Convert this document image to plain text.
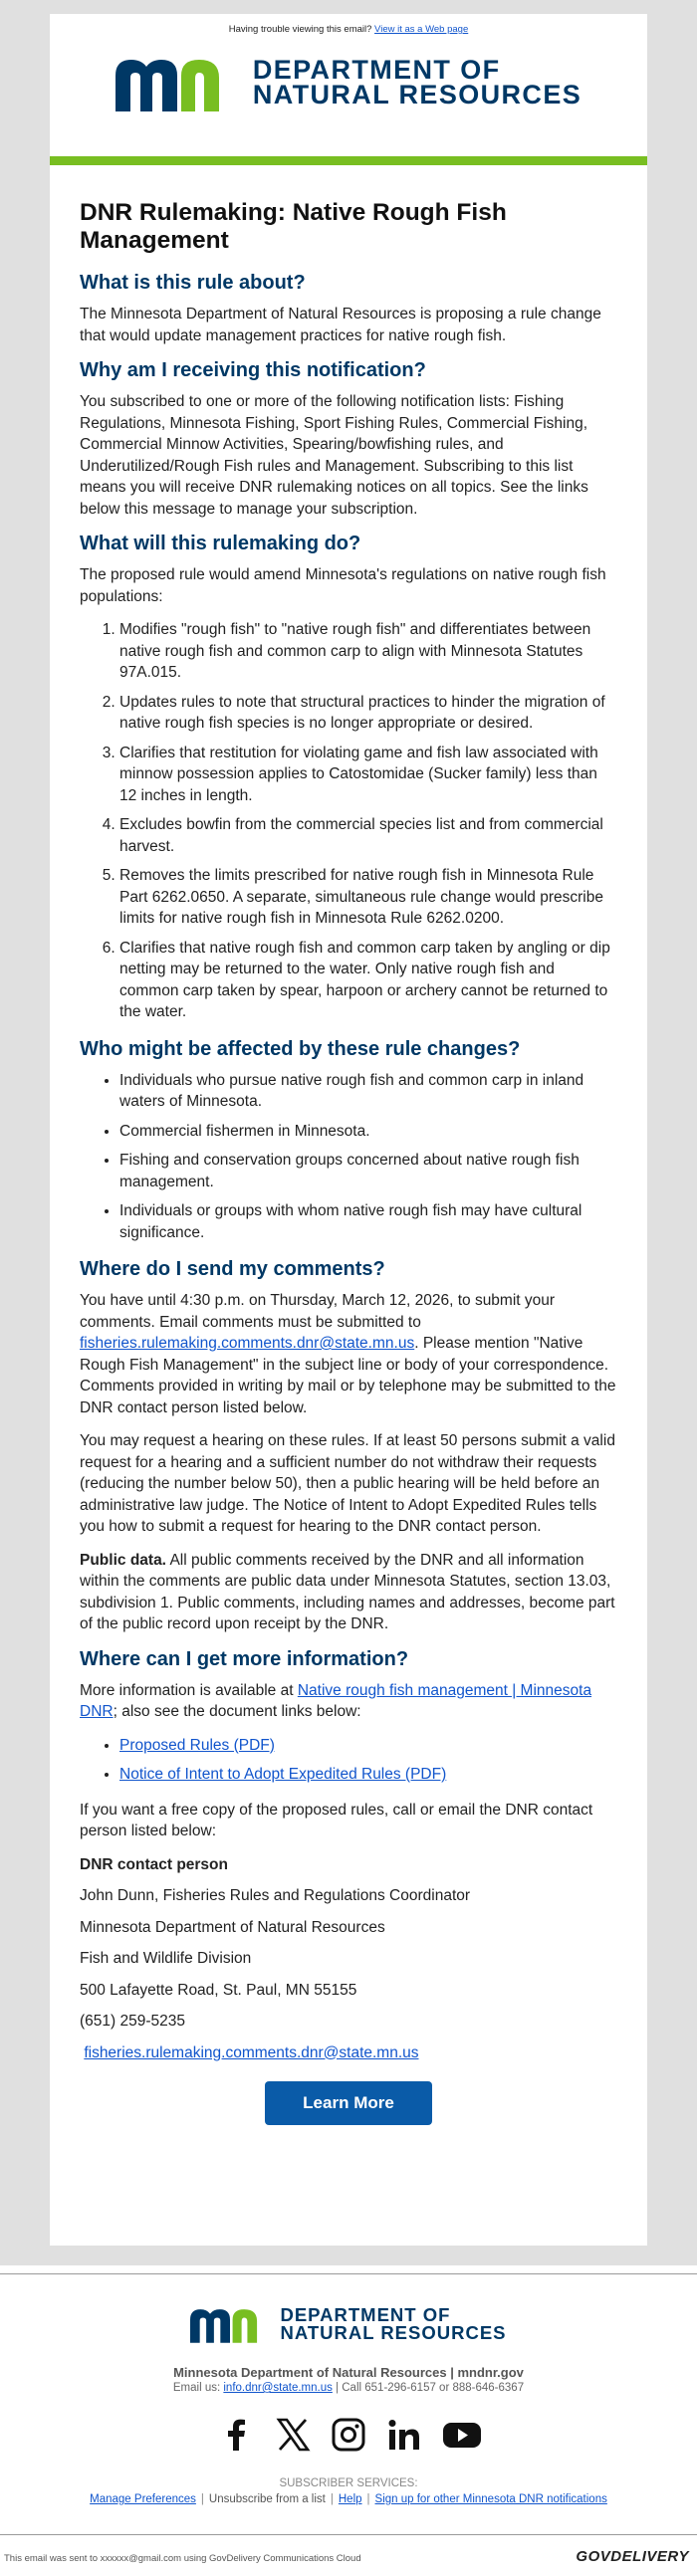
Having trouble viewing this email? View it as a Web page
DEPARTMENT OF
NATURAL RESOURCES
DNR Rulemaking: Native Rough Fish Management
What is this rule about?

The Minnesota Department of Natural Resources is proposing a rule change that would update management practices for native rough fish.

Why am I receiving this notification?

You subscribed to one or more of the following notification lists: Fishing Regulations, Minnesota Fishing, Sport Fishing Rules, Commercial Fishing, Commercial Minnow Activities, Spearing/bowfishing rules, and Underutilized/Rough Fish rules and Management. Subscribing to this list means you will receive DNR rulemaking notices on all topics. See the links below this message to manage your subscription.

What will this rulemaking do?

The proposed rule would amend Minnesota's regulations on native rough fish populations:

1. Modifies "rough fish" to "native rough fish" and differentiates between native rough fish and common carp to align with Minnesota Statutes 97A.015.
2. Updates rules to note that structural practices to hinder the migration of native rough fish species is no longer appropriate or desired.
3. Clarifies that restitution for violating game and fish law associated with minnow possession applies to Catostomidae (Sucker family) less than 12 inches in length.
4. Excludes bowfin from the commercial species list and from commercial harvest.
5. Removes the limits prescribed for native rough fish in Minnesota Rule Part 6262.0650. A separate, simultaneous rule change would prescribe limits for native rough fish in Minnesota Rule 6262.0200.
6. Clarifies that native rough fish and common carp taken by angling or dip netting may be returned to the water. Only native rough fish and common carp taken by spear, harpoon or archery cannot be returned to the water.
Who might be affected by these rule changes?
• Individuals who pursue native rough fish and common carp in inland waters of Minnesota.
• Commercial fishermen in Minnesota.
• Fishing and conservation groups concerned about native rough fish management.
• Individuals or groups with whom native rough fish may have cultural significance.
Where do I send my comments?

You have until 4:30 p.m. on Thursday, March 12, 2026, to submit your comments. Email comments must be submitted to fisheries.rulemaking.comments.dnr@state.mn.us. Please mention "Native Rough Fish Management" in the subject line or body of your correspondence. Comments provided in writing by mail or by telephone may be submitted to the DNR contact person listed below.

You may request a hearing on these rules. If at least 50 persons submit a valid request for a hearing and a sufficient number do not withdraw their requests (reducing the number below 50), then a public hearing will be held before an administrative law judge. The Notice of Intent to Adopt Expedited Rules tells you how to submit a request for hearing to the DNR contact person.

Public data. All public comments received by the DNR and all information within the comments are public data under Minnesota Statutes, section 13.03, subdivision 1. Public comments, including names and addresses, become part of the public record upon receipt by the DNR.

Where can I get more information?

More information is available at Native rough fish management | Minnesota DNR; also see the document links below:

• Proposed Rules (PDF)
• Notice of Intent to Adopt Expedited Rules (PDF)

If you want a free copy of the proposed rules, call or email the DNR contact person listed below:

DNR contact person

John Dunn, Fisheries Rules and Regulations Coordinator

Minnesota Department of Natural Resources

Fish and Wildlife Division

500 Lafayette Road, St. Paul, MN 55155

(651) 259-5235

fisheries.rulemaking.comments.dnr@state.mn.us

Learn More
DEPARTMENT OF
NATURAL RESOURCES
Minnesota Department of Natural Resources | mndnr.gov
Email us: info.dnr@state.mn.us | Call 651-296-6157 or 888-646-6367
SUBSCRIBER SERVICES:
Manage Preferences | Unsubscribe from a list | Help | Sign up for other Minnesota DNR notifications
This email was sent to xxxxxx@gmail.com using GovDelivery Communications Cloud	GOVDELIVERY
